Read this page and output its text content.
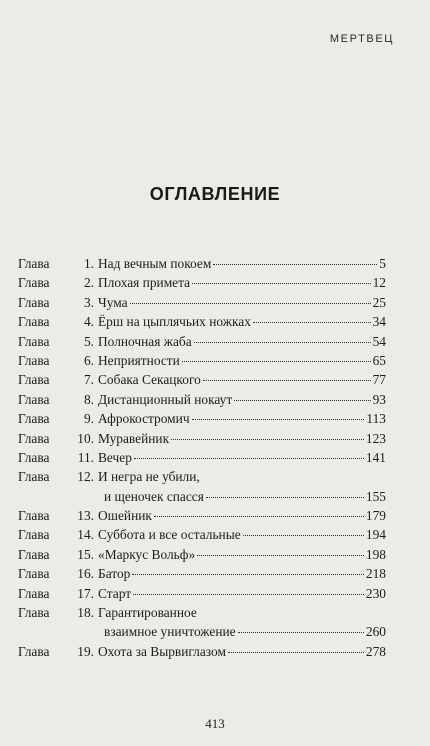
МЕРТВЕЦ
ОГЛАВЛЕНИЕ
Глава	1. Над вечным покоем	5
Глава	2. Плохая примета	12
Глава	3. Чума	25
Глава	4. Ёрш на цыплячьих ножках	34
Глава	5. Полночная жаба	54
Глава	6. Неприятности	65
Глава	7. Собака Секацкого	77
Глава	8. Дистанционный нокаут	93
Глава	9. Афрокостромич	113
Глава	10. Муравейник	123
Глава	11. Вечер	141
Глава	12. И негра не убили,
и щеночек спасся	155
Глава	13. Ошейник	179
Глава	14. Суббота и все остальные	194
Глава	15. «Маркус Вольф»	198
Глава	16. Батор	218
Глава	17. Старт	230
Глава	18. Гарантированное
взаимное уничтожение	260
Глава	19. Охота за Вырвиглазом	278
413
